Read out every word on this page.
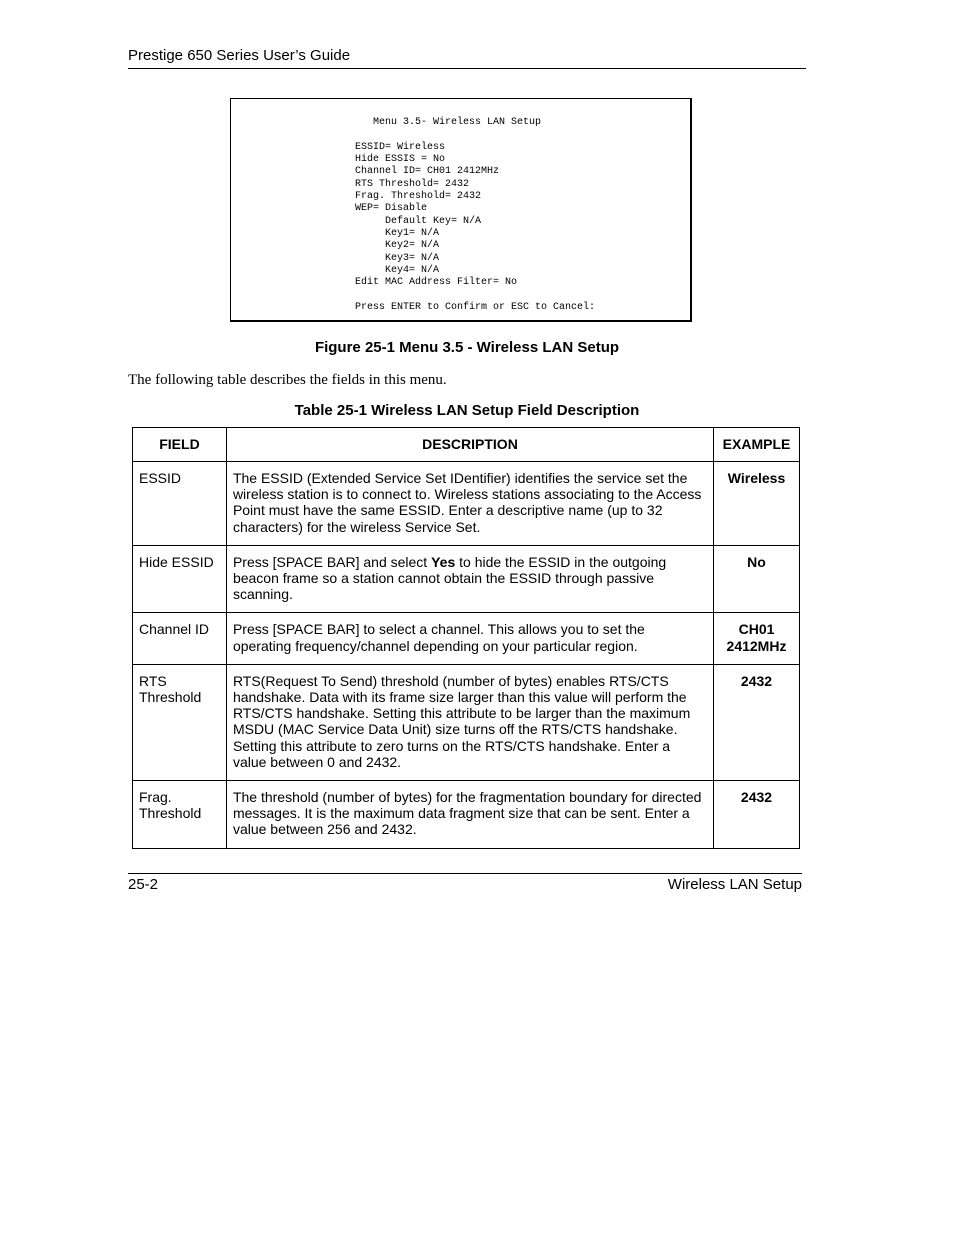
Prestige 650 Series User’s Guide
Menu 3.5- Wireless LAN Setup

ESSID= Wireless
Hide ESSIS = No
Channel ID= CH01 2412MHz
RTS Threshold= 2432
Frag. Threshold= 2432
WEP= Disable
Default Key= N/A
Key1= N/A
Key2= N/A
Key3= N/A
Key4= N/A
Edit MAC Address Filter= No

Press ENTER to Confirm or ESC to Cancel:
Figure 25-1 Menu 3.5 - Wireless LAN Setup
The following table describes the fields in this menu.
Table 25-1 Wireless LAN Setup Field Description
FIELD	DESCRIPTION	EXAMPLE
ESSID	The ESSID (Extended Service Set IDentifier) identifies the service set the wireless station is to connect to. Wireless stations associating to the Access Point must have the same ESSID. Enter a descriptive name (up to 32 characters) for the wireless Service Set.	Wireless
Hide ESSID	Press [SPACE BAR] and select Yes to hide the ESSID in the outgoing beacon frame so a station cannot obtain the ESSID through passive scanning.	No
Channel ID	Press [SPACE BAR] to select a channel. This allows you to set the operating frequency/channel depending on your particular region.	CH01
2412MHz
RTS
Threshold	RTS(Request To Send) threshold (number of bytes) enables RTS/CTS handshake. Data with its frame size larger than this value will perform the RTS/CTS handshake. Setting this attribute to be larger than the maximum MSDU (MAC Service Data Unit) size turns off the RTS/CTS handshake. Setting this attribute to zero turns on the RTS/CTS handshake. Enter a value between 0 and 2432.	2432
Frag.
Threshold	The threshold (number of bytes) for the fragmentation boundary for directed messages. It is the maximum data fragment size that can be sent. Enter a value between 256 and 2432.	2432
25-2	Wireless LAN Setup
